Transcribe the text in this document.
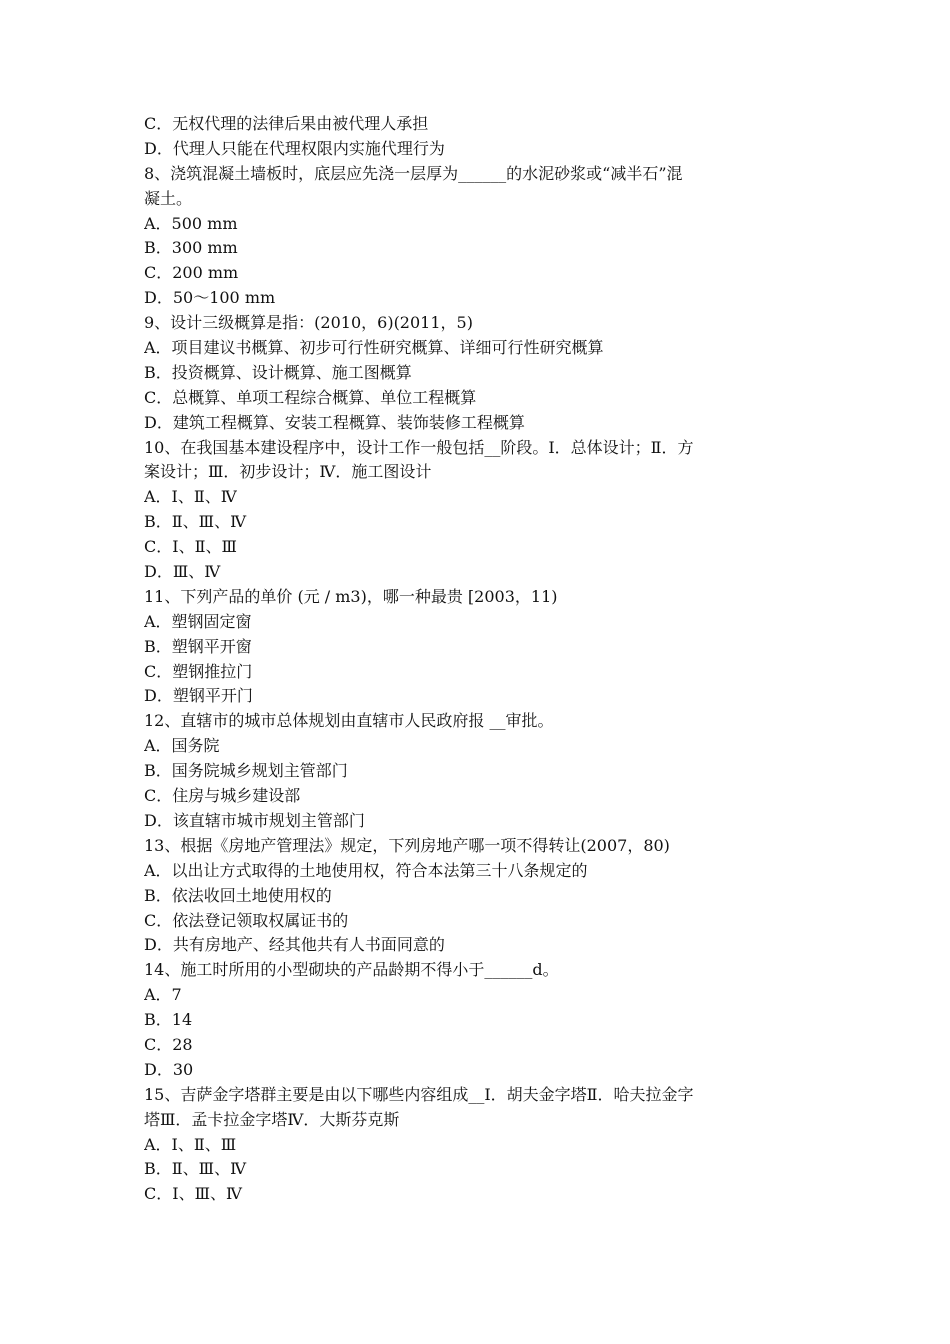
C．无权代理的法律后果由被代理人承担
D．代理人只能在代理权限内实施代理行为
8、浇筑混凝土墙板时，底层应先浇一层厚为______的水泥砂浆或“减半石”混
凝土。
A．500 mm
B．300 mm
C．200 mm
D．50～100 mm
9、设计三级概算是指：(2010，6)(2011，5)
A．项目建议书概算、初步可行性研究概算、详细可行性研究概算
B．投资概算、设计概算、施工图概算
C．总概算、单项工程综合概算、单位工程概算
D．建筑工程概算、安装工程概算、装饰装修工程概算
10、在我国基本建设程序中，设计工作一般包括__阶段。Ⅰ．总体设计；Ⅱ．方
案设计；Ⅲ．初步设计；Ⅳ．施工图设计
A．Ⅰ、Ⅱ、Ⅳ
B．Ⅱ、Ⅲ、Ⅳ
C．Ⅰ、Ⅱ、Ⅲ
D．Ⅲ、Ⅳ
11、下列产品的单价 (元 / m3)，哪一种最贵 [2003，11)
A．塑钢固定窗
B．塑钢平开窗
C．塑钢推拉门
D．塑钢平开门
12、直辖市的城市总体规划由直辖市人民政府报 __审批。
A．国务院
B．国务院城乡规划主管部门
C．住房与城乡建设部
D．该直辖市城市规划主管部门
13、根据《房地产管理法》规定，下列房地产哪一项不得转让(2007，80)
A．以出让方式取得的土地使用权，符合本法第三十八条规定的
B．依法收回土地使用权的
C．依法登记领取权属证书的
D．共有房地产、经其他共有人书面同意的
14、施工时所用的小型砌块的产品龄期不得小于______d。
A．7
B．14
C．28
D．30
15、吉萨金字塔群主要是由以下哪些内容组成__Ⅰ．胡夫金字塔Ⅱ．哈夫拉金字
塔Ⅲ．孟卡拉金字塔Ⅳ．大斯芬克斯
A．Ⅰ、Ⅱ、Ⅲ
B．Ⅱ、Ⅲ、Ⅳ
C．Ⅰ、Ⅲ、Ⅳ
